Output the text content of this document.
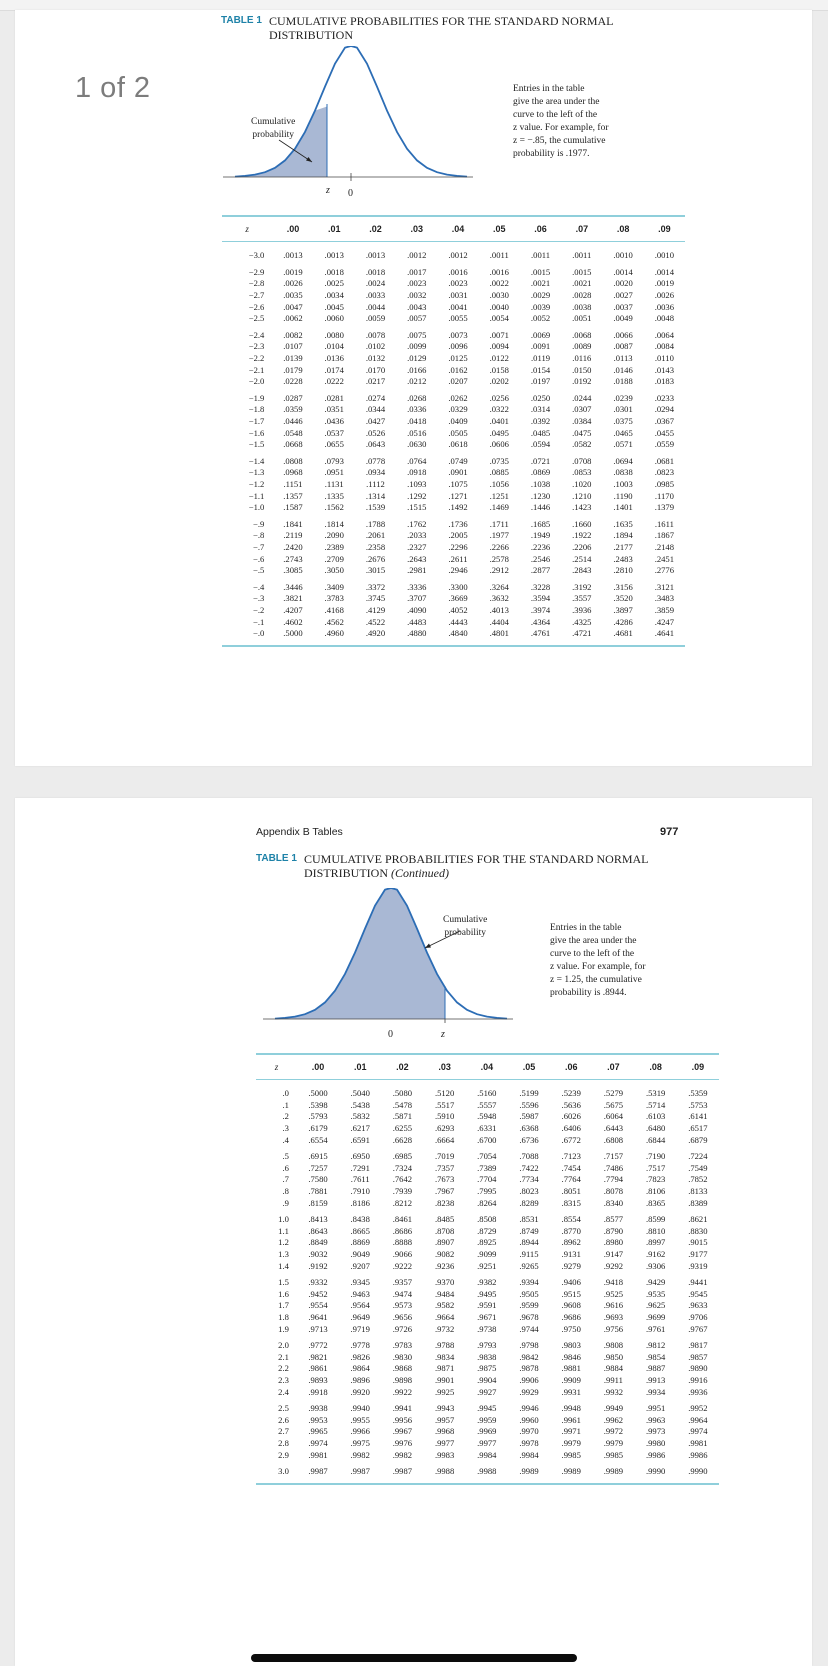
1 of 2
TABLE 1 CUMULATIVE PROBABILITIES FOR THE STANDARD NORMAL
DISTRIBUTION
z 0
Cumulative
probability
Entries in the table
give the area under the
curve to the left of the
z value. For example, for
z = −.85, the cumulative
probability is .1977.
z	.00	.01	.02	.03	.04	.05	.06	.07	.08	.09

−3.0	.0013	.0013	.0013	.0012	.0012	.0011	.0011	.0011	.0010	.0010

−2.9	.0019	.0018	.0018	.0017	.0016	.0016	.0015	.0015	.0014	.0014
−2.8	.0026	.0025	.0024	.0023	.0023	.0022	.0021	.0021	.0020	.0019
−2.7	.0035	.0034	.0033	.0032	.0031	.0030	.0029	.0028	.0027	.0026
−2.6	.0047	.0045	.0044	.0043	.0041	.0040	.0039	.0038	.0037	.0036
−2.5	.0062	.0060	.0059	.0057	.0055	.0054	.0052	.0051	.0049	.0048

−2.4	.0082	.0080	.0078	.0075	.0073	.0071	.0069	.0068	.0066	.0064
−2.3	.0107	.0104	.0102	.0099	.0096	.0094	.0091	.0089	.0087	.0084
−2.2	.0139	.0136	.0132	.0129	.0125	.0122	.0119	.0116	.0113	.0110
−2.1	.0179	.0174	.0170	.0166	.0162	.0158	.0154	.0150	.0146	.0143
−2.0	.0228	.0222	.0217	.0212	.0207	.0202	.0197	.0192	.0188	.0183

−1.9	.0287	.0281	.0274	.0268	.0262	.0256	.0250	.0244	.0239	.0233
−1.8	.0359	.0351	.0344	.0336	.0329	.0322	.0314	.0307	.0301	.0294
−1.7	.0446	.0436	.0427	.0418	.0409	.0401	.0392	.0384	.0375	.0367
−1.6	.0548	.0537	.0526	.0516	.0505	.0495	.0485	.0475	.0465	.0455
−1.5	.0668	.0655	.0643	.0630	.0618	.0606	.0594	.0582	.0571	.0559

−1.4	.0808	.0793	.0778	.0764	.0749	.0735	.0721	.0708	.0694	.0681
−1.3	.0968	.0951	.0934	.0918	.0901	.0885	.0869	.0853	.0838	.0823
−1.2	.1151	.1131	.1112	.1093	.1075	.1056	.1038	.1020	.1003	.0985
−1.1	.1357	.1335	.1314	.1292	.1271	.1251	.1230	.1210	.1190	.1170
−1.0	.1587	.1562	.1539	.1515	.1492	.1469	.1446	.1423	.1401	.1379

−.9	.1841	.1814	.1788	.1762	.1736	.1711	.1685	.1660	.1635	.1611
−.8	.2119	.2090	.2061	.2033	.2005	.1977	.1949	.1922	.1894	.1867
−.7	.2420	.2389	.2358	.2327	.2296	.2266	.2236	.2206	.2177	.2148
−.6	.2743	.2709	.2676	.2643	.2611	.2578	.2546	.2514	.2483	.2451
−.5	.3085	.3050	.3015	.2981	.2946	.2912	.2877	.2843	.2810	.2776

−.4	.3446	.3409	.3372	.3336	.3300	.3264	.3228	.3192	.3156	.3121
−.3	.3821	.3783	.3745	.3707	.3669	.3632	.3594	.3557	.3520	.3483
−.2	.4207	.4168	.4129	.4090	.4052	.4013	.3974	.3936	.3897	.3859
−.1	.4602	.4562	.4522	.4483	.4443	.4404	.4364	.4325	.4286	.4247
−.0	.5000	.4960	.4920	.4880	.4840	.4801	.4761	.4721	.4681	.4641

Appendix B Tables	977
TABLE 1 CUMULATIVE PROBABILITIES FOR THE STANDARD NORMAL
DISTRIBUTION (Continued)
0	z
Cumulative
probability	Entries in the table
give the area under the
curve to the left of the
z value. For example, for
z = 1.25, the cumulative
probability is .8944.
z	.00	.01	.02	.03	.04	.05	.06	.07	.08	.09

.0	.5000	.5040	.5080	.5120	.5160	.5199	.5239	.5279	.5319	.5359
.1	.5398	.5438	.5478	.5517	.5557	.5596	.5636	.5675	.5714	.5753
.2	.5793	.5832	.5871	.5910	.5948	.5987	.6026	.6064	.6103	.6141
.3	.6179	.6217	.6255	.6293	.6331	.6368	.6406	.6443	.6480	.6517
.4	.6554	.6591	.6628	.6664	.6700	.6736	.6772	.6808	.6844	.6879

.5	.6915	.6950	.6985	.7019	.7054	.7088	.7123	.7157	.7190	.7224
.6	.7257	.7291	.7324	.7357	.7389	.7422	.7454	.7486	.7517	.7549
.7	.7580	.7611	.7642	.7673	.7704	.7734	.7764	.7794	.7823	.7852
.8	.7881	.7910	.7939	.7967	.7995	.8023	.8051	.8078	.8106	.8133
.9	.8159	.8186	.8212	.8238	.8264	.8289	.8315	.8340	.8365	.8389

1.0	.8413	.8438	.8461	.8485	.8508	.8531	.8554	.8577	.8599	.8621
1.1	.8643	.8665	.8686	.8708	.8729	.8749	.8770	.8790	.8810	.8830
1.2	.8849	.8869	.8888	.8907	.8925	.8944	.8962	.8980	.8997	.9015
1.3	.9032	.9049	.9066	.9082	.9099	.9115	.9131	.9147	.9162	.9177
1.4	.9192	.9207	.9222	.9236	.9251	.9265	.9279	.9292	.9306	.9319

1.5	.9332	.9345	.9357	.9370	.9382	.9394	.9406	.9418	.9429	.9441
1.6	.9452	.9463	.9474	.9484	.9495	.9505	.9515	.9525	.9535	.9545
1.7	.9554	.9564	.9573	.9582	.9591	.9599	.9608	.9616	.9625	.9633
1.8	.9641	.9649	.9656	.9664	.9671	.9678	.9686	.9693	.9699	.9706
1.9	.9713	.9719	.9726	.9732	.9738	.9744	.9750	.9756	.9761	.9767

2.0	.9772	.9778	.9783	.9788	.9793	.9798	.9803	.9808	.9812	.9817
2.1	.9821	.9826	.9830	.9834	.9838	.9842	.9846	.9850	.9854	.9857
2.2	.9861	.9864	.9868	.9871	.9875	.9878	.9881	.9884	.9887	.9890
2.3	.9893	.9896	.9898	.9901	.9904	.9906	.9909	.9911	.9913	.9916
2.4	.9918	.9920	.9922	.9925	.9927	.9929	.9931	.9932	.9934	.9936

2.5	.9938	.9940	.9941	.9943	.9945	.9946	.9948	.9949	.9951	.9952
2.6	.9953	.9955	.9956	.9957	.9959	.9960	.9961	.9962	.9963	.9964
2.7	.9965	.9966	.9967	.9968	.9969	.9970	.9971	.9972	.9973	.9974
2.8	.9974	.9975	.9976	.9977	.9977	.9978	.9979	.9979	.9980	.9981
2.9	.9981	.9982	.9982	.9983	.9984	.9984	.9985	.9985	.9986	.9986

3.0	.9987	.9987	.9987	.9988	.9988	.9989	.9989	.9989	.9990	.9990
